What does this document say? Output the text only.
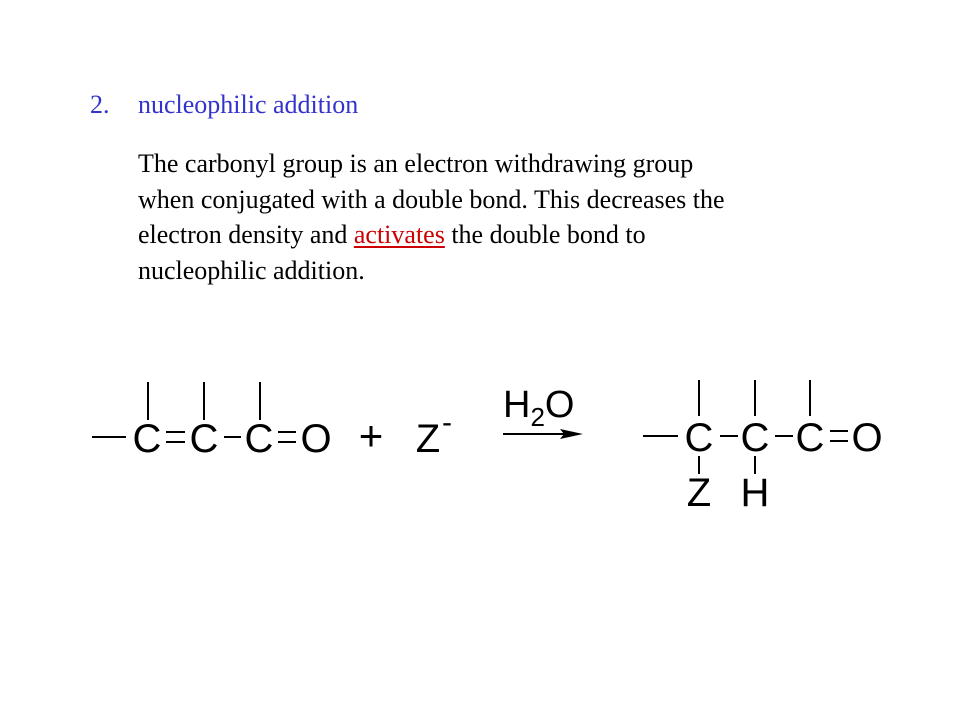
2. nucleophilic addition
The carbonyl group is an electron withdrawing group
when conjugated with a double bond. This decreases the
electron density and activates the double bond to
nucleophilic addition.
C C C $O + Z - H_2O$
C C C O
Z H
